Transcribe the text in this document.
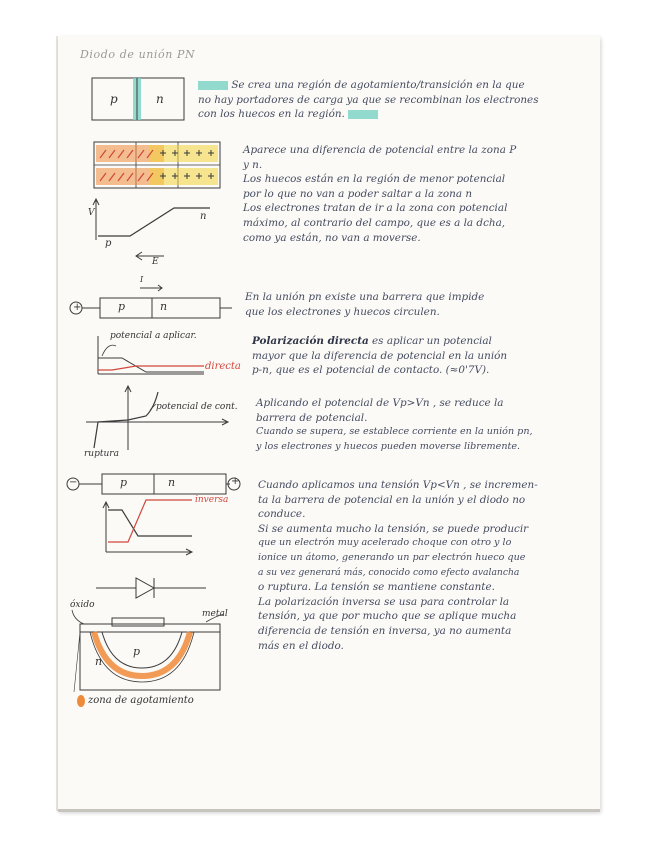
Diodo de unión PN

p	n
Se crea una región de agotamiento/transición en la que
no hay portadores de carga ya que se recombinan los electrones
con los huecos en la región.
Aparece una diferencia de potencial entre la zona P
y n.
Los huecos están en la región de menor potencial
por lo que no van a poder saltar a la zona n
Los electrones tratan de ir a la zona con potencial
máximo, al contrario del campo, que es a la dcha,
como ya están, no van a moverse.
V	n
p
E
I
+	p	n
En la unión pn existe una barrera que impide
que los electrones y huecos circulen.
potencial a aplicar.
directa
Polarización directa es aplicar un potencial
mayor que la diferencia de potencial en la unión
p-n, que es el potencial de contacto. (≈0'7V).
potencial de cont.
ruptura
Aplicando el potencial de Vp>Vn , se reduce la
barrera de potencial.
Cuando se supera, se establece corriente en la unión pn,
y los electrones y huecos pueden moverse libremente.
−	p	n	+
inversa
Cuando aplicamos una tensión Vp<Vn , se incremen-
ta la barrera de potencial en la unión y el diodo no
conduce.
Si se aumenta mucho la tensión, se puede producir
que un electrón muy acelerado choque con otro y lo
ionice un átomo, generando un par electrón hueco que
a su vez generará más, conocido como efecto avalancha
o ruptura. La tensión se mantiene constante.
La polarización inversa se usa para controlar la
tensión, ya que por mucho que se aplique mucha
diferencia de tensión en inversa, ya no aumenta
más en el diodo.
óxido
metal
n
p
zona de agotamiento
